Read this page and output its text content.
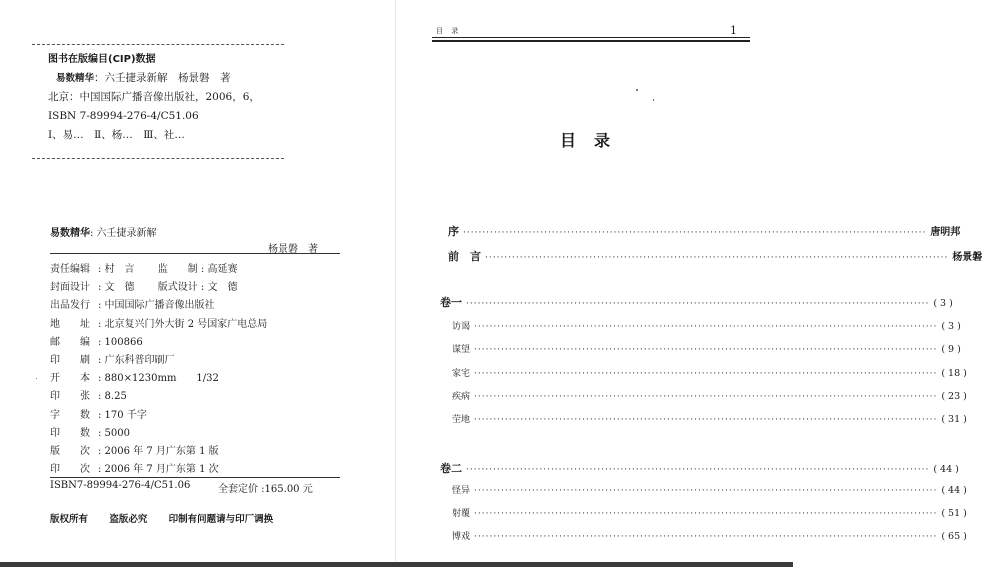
图书在版编目(CIP)数据
易数精华：六壬捷录新解　杨景磐　著
北京：中国国际广播音像出版社，2006，6，
ISBN 7-89994-276-4/C51.06
Ⅰ、易…　Ⅱ、杨…　Ⅲ、社…
易数精华: 六壬捷录新解
杨景磐　著
责任编辑 : 村　言　　 监　　制 : 高延赛
封面设计 : 文　德　　 版式设计 : 文　德
出品发行 : 中国国际广播音像出版社
地　　址 : 北京复兴门外大街 2 号国家广电总局
邮　　编 : 100866
印　　刷 : 广东科普印刷厂
开　　本 : 880×1230mm　　1/32
印　　张 : 8.25
字　　数 : 170 千字
印　　数 : 5000
版　　次 : 2006 年 7 月广东第 1 版
印　　次 : 2006 年 7 月广东第 1 次
ISBN7-89994-276-4/C51.06	全套定价 :165.00 元
版权所有 盗版必究 印制有问题请与印厂调换
目 录	1
目录
序 ························································································································ 唐明邦
前　言 ························································································································ 杨景磐
卷一 ························································································································ ( 3 )
访谒 ························································································································ ( 3 )
谋望 ························································································································ ( 9 )
家宅 ························································································································ ( 18 )
疾病 ························································································································ ( 23 )
茔地 ························································································································ ( 31 )
卷二 ························································································································ ( 44 )
怪异 ························································································································ ( 44 )
射覆 ························································································································ ( 51 )
博戏 ························································································································ ( 65 )
